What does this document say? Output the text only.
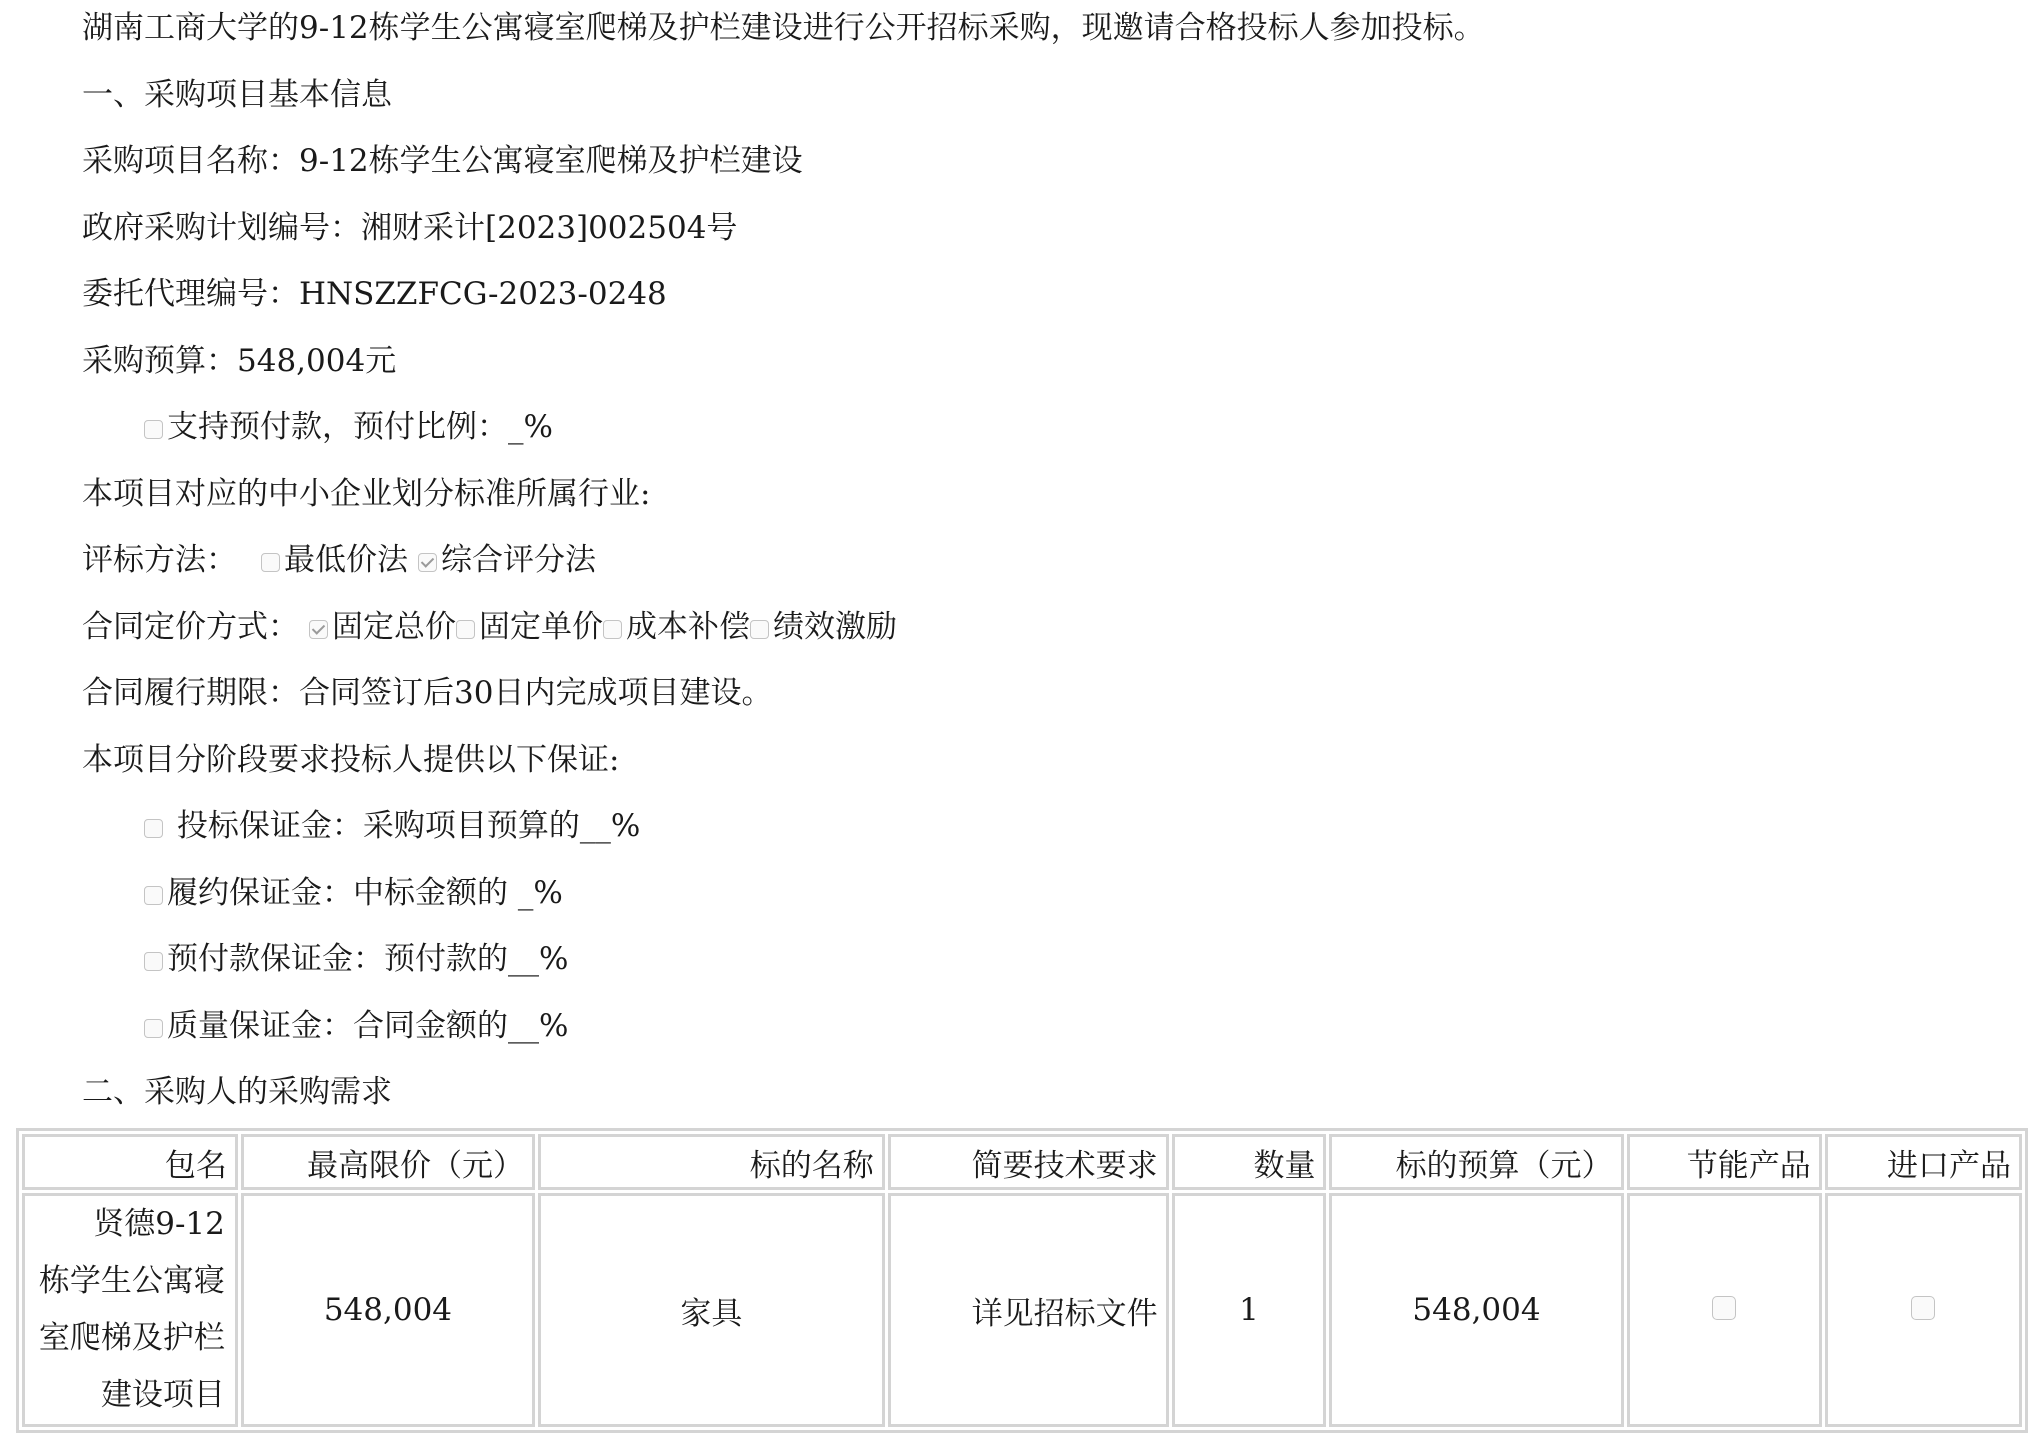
湖南工商大学的9-12栋学生公寓寝室爬梯及护栏建设进行公开招标采购，现邀请合格投标人参加投标。
一、采购项目基本信息
采购项目名称：9-12栋学生公寓寝室爬梯及护栏建设
政府采购计划编号：湘财采计[2023]002504号
委托代理编号：HNSZZFCG-2023-0248
采购预算：548,004元
支持预付款，预付比例：_%
本项目对应的中小企业划分标准所属行业:
评标方法： 最低价法 综合评分法
合同定价方式： 固定总价 固定单价 成本补偿 绩效激励
合同履行期限：合同签订后30日内完成项目建设。
本项目分阶段要求投标人提供以下保证:
投标保证金：采购项目预算的__%
履约保证金：中标金额的 _%
预付款保证金：预付款的__%
质量保证金：合同金额的__%
二、采购人的采购需求
包名	最高限价（元）	标的名称	简要技术要求	数量	标的预算（元）	节能产品	进口产品
贤德9-12
栋学生公寓寝
室爬梯及护栏
建设项目	548,004	家具	详见招标文件	1	548,004		
